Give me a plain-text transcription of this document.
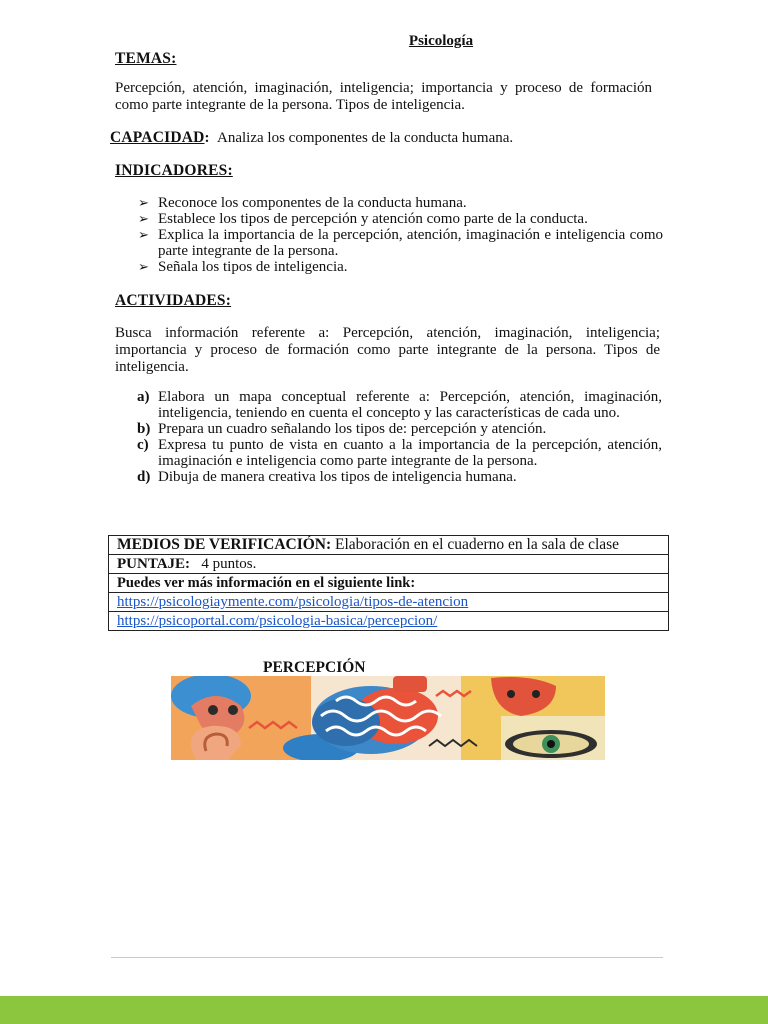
Psicología
TEMAS:
Percepción, atención, imaginación, inteligencia; importancia y proceso de formación como parte integrante de la persona. Tipos de inteligencia.
CAPACIDAD: Analiza los componentes de la conducta humana.
INDICADORES:
➢ Reconoce los componentes de la conducta humana.
➢ Establece los tipos de percepción y atención como parte de la conducta.
➢ Explica la importancia de la percepción, atención, imaginación e inteligencia como parte integrante de la persona.
➢ Señala los tipos de inteligencia.
ACTIVIDADES:
Busca información referente a: Percepción, atención, imaginación, inteligencia; importancia y proceso de formación como parte integrante de la persona. Tipos de inteligencia.
a) Elabora un mapa conceptual referente a: Percepción, atención, imaginación, inteligencia, teniendo en cuenta el concepto y las características de cada uno.
b) Prepara un cuadro señalando los tipos de: percepción y atención.
c) Expresa tu punto de vista en cuanto a la importancia de la percepción, atención, imaginación e inteligencia como parte integrante de la persona.
d) Dibuja de manera creativa los tipos de inteligencia humana.
MEDIOS DE VERIFICACIÓN: Elaboración en el cuaderno en la sala de clase
PUNTAJE: 4 puntos.
Puedes ver más información en el siguiente link:
https://psicologiaymente.com/psicologia/tipos-de-atencion
https://psicoportal.com/psicologia-basica/percepcion/
PERCEPCIÓN
